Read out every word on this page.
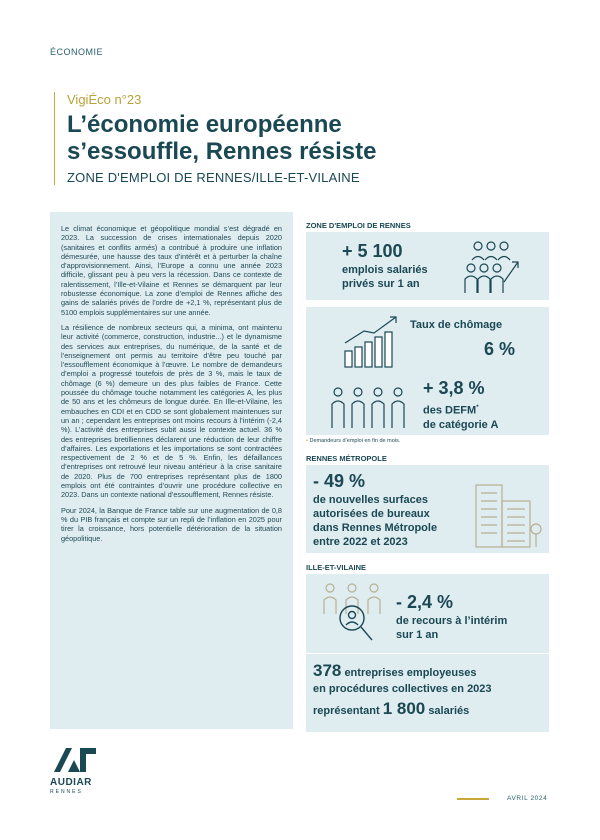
ÉCONOMIE
VigiÉco n°23
L’économie européenne
s’essouffle, Rennes résiste
ZONE D'EMPLOI DE RENNES/ILLE-ET-VILAINE

Le climat économique et géopolitique mondial s’est dégradé en 2023. La succession de crises internationales depuis 2020 (sanitaires et conflits armés) a contribué à produire une inflation démesurée, une hausse des taux d’intérêt et à perturber la chaîne d’approvisionnement. Ainsi, l’Europe a connu une année 2023 difficile, glissant peu à peu vers la récession. Dans ce contexte de ralentissement, l’Ille-et-Vilaine et Rennes se démarquent par leur robustesse économique. La zone d’emploi de Rennes affiche des gains de salariés privés de l’ordre de +2,1 %, représentant plus de 5100 emplois supplémentaires sur une année.

La résilience de nombreux secteurs qui, a minima, ont maintenu leur activité (commerce, construction, industrie...) et le dynamisme des services aux entreprises, du numérique, de la santé et de l’enseignement ont permis au territoire d’être peu touché par l’essoufflement économique à l’œuvre. Le nombre de demandeurs d’emploi a progressé toutefois de près de 3 %, mais le taux de chômage (6 %) demeure un des plus faibles de France. Cette poussée du chômage touche notamment les catégories A, les plus de 50 ans et les chômeurs de longue durée. En Ille-et-Vilaine, les embauches en CDI et en CDD se sont globalement maintenues sur un an ; cependant les entreprises ont moins recours à l’intérim (-2,4 %). L’activité des entreprises subit aussi le contexte actuel. 36 % des entreprises bretilliennes déclarent une réduction de leur chiffre d’affaires. Les exportations et les importations se sont contractées respectivement de 2 % et de 5 %. Enfin, les défaillances d’entreprises ont retrouvé leur niveau antérieur à la crise sanitaire de 2020. Plus de 700 entreprises représentant plus de 1800 emplois ont été contraintes d’ouvrir une procédure collective en 2023. Dans un contexte national d’essoufflement, Rennes résiste.

Pour 2024, la Banque de France table sur une augmentation de 0,8 % du PIB français et compte sur un repli de l’inflation en 2025 pour tirer la croissance, hors potentielle détérioration de la situation géopolitique.

ZONE D'EMPLOI DE RENNES
+ 5 100
emplois salariés
privés sur 1 an
Taux de chômage
6 %
+ 3,8 %
des DEFM*
de catégorie A
• Demandeurs d’emploi en fin de mois.
RENNES MÉTROPOLE
- 49 %
de nouvelles surfaces
autorisées de bureaux
dans Rennes Métropole
entre 2022 et 2023
ILLE-ET-VILAINE
- 2,4 %
de recours à l’intérim
sur 1 an
378 entreprises employeuses
en procédures collectives en 2023
représentant 1 800 salariés
AUDIAR
RENNES
AVRIL 2024
